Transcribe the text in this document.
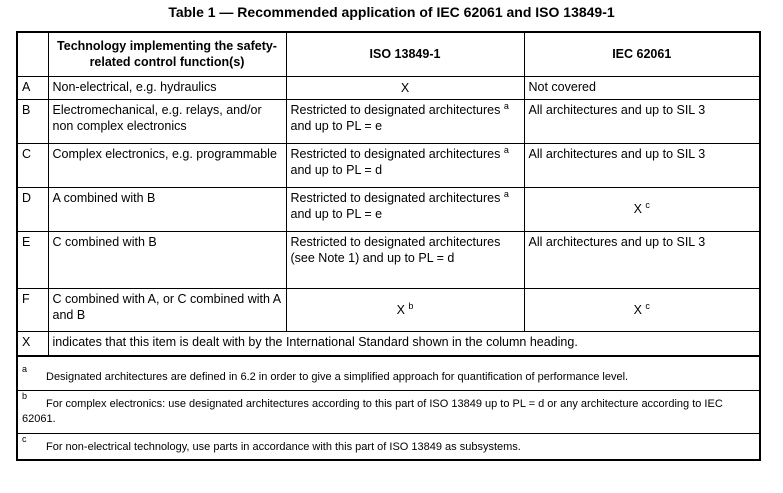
Table 1 — Recommended application of IEC 62061 and ISO 13849-1
	Technology implementing the safety-related control function(s)	ISO 13849-1	IEC 62061
A	Non-electrical, e.g. hydraulics	X	Not covered
B	Electromechanical, e.g. relays, and/or non complex electronics	Restricted to designated architectures $^a$ and up to PL = e	All architectures and up to SIL 3
C	Complex electronics, e.g. programmable	Restricted to designated architectures $^a$ and up to PL = d	All architectures and up to SIL 3
D	A combined with B	Restricted to designated architectures $^a$ and up to PL = e	X $^c$
E	C combined with B	Restricted to designated architectures (see Note 1) and up to PL = d	All architectures and up to SIL 3
F	C combined with A, or C combined with A and B	X $^b$	X $^c$
X	indicates that this item is dealt with by the International Standard shown in the column heading.		
a
Designated architectures are defined in 6.2 in order to give a simplified approach for quantification of performance level.
b
For complex electronics: use designated architectures according to this part of ISO 13849 up to PL = d or any architecture according to IEC 62061.
c
For non-electrical technology, use parts in accordance with this part of ISO 13849 as subsystems.
